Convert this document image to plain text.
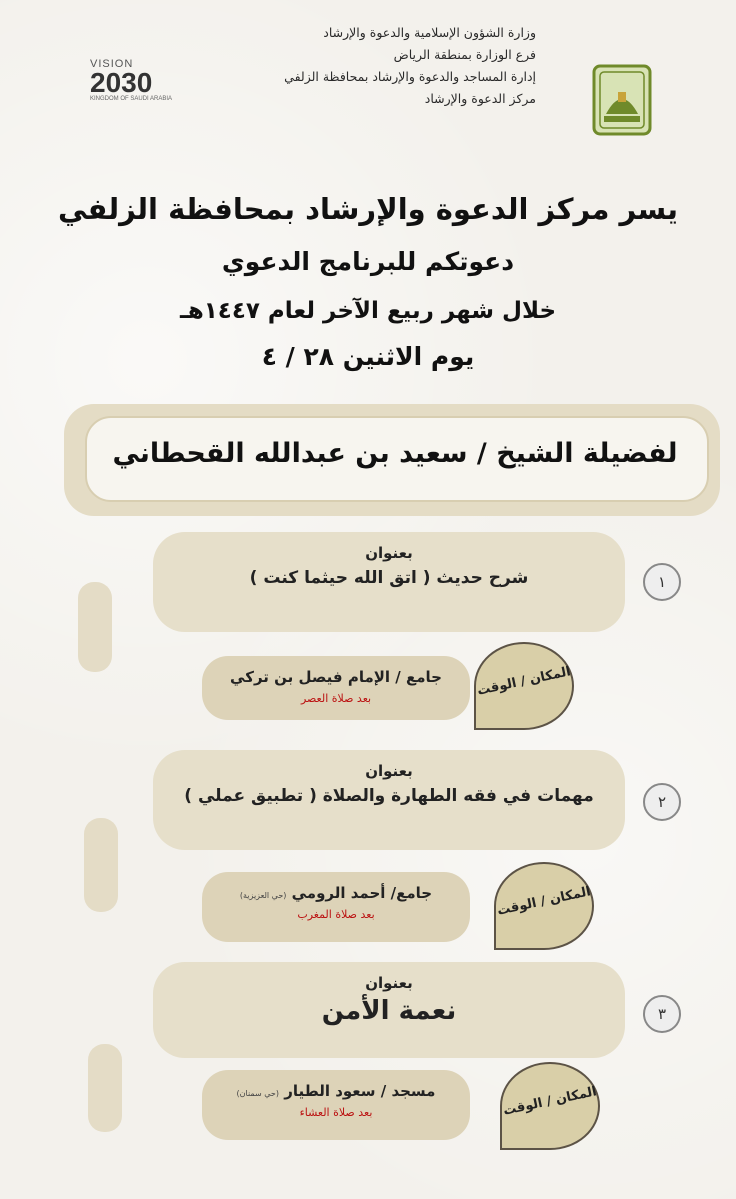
وزارة الشؤون الإسلامية والدعوة والإرشاد
فرع الوزارة بمنطقة الرياض
إدارة المساجد والدعوة والإرشاد بمحافظة الزلفي
مركز الدعوة والإرشاد
VISION
2030
KINGDOM OF SAUDI ARABIA
يسر مركز الدعوة والإرشاد بمحافظة الزلفي
دعوتكم للبرنامج الدعوي
خلال شهر ربيع الآخر لعام ١٤٤٧هـ
يوم الاثنين ٢٨ / ٤
لفضيلة الشيخ / سعيد بن عبدالله القحطاني
بعنوان
شرح حديث ( اتق الله حيثما كنت )	١
جامع / الإمام فيصل بن تركي
بعد صلاة العصر	المكان / الوقت
بعنوان
مهمات في فقه الطهارة والصلاة ( تطبيق عملي )	٢
جامع/ أحمد الرومي (حي العزيزية)
بعد صلاة المغرب	المكان / الوقت
بعنوان
نعمة الأمن	٣
مسجد / سعود الطيار (حي سمنان)
بعد صلاة العشاء	المكان / الوقت
